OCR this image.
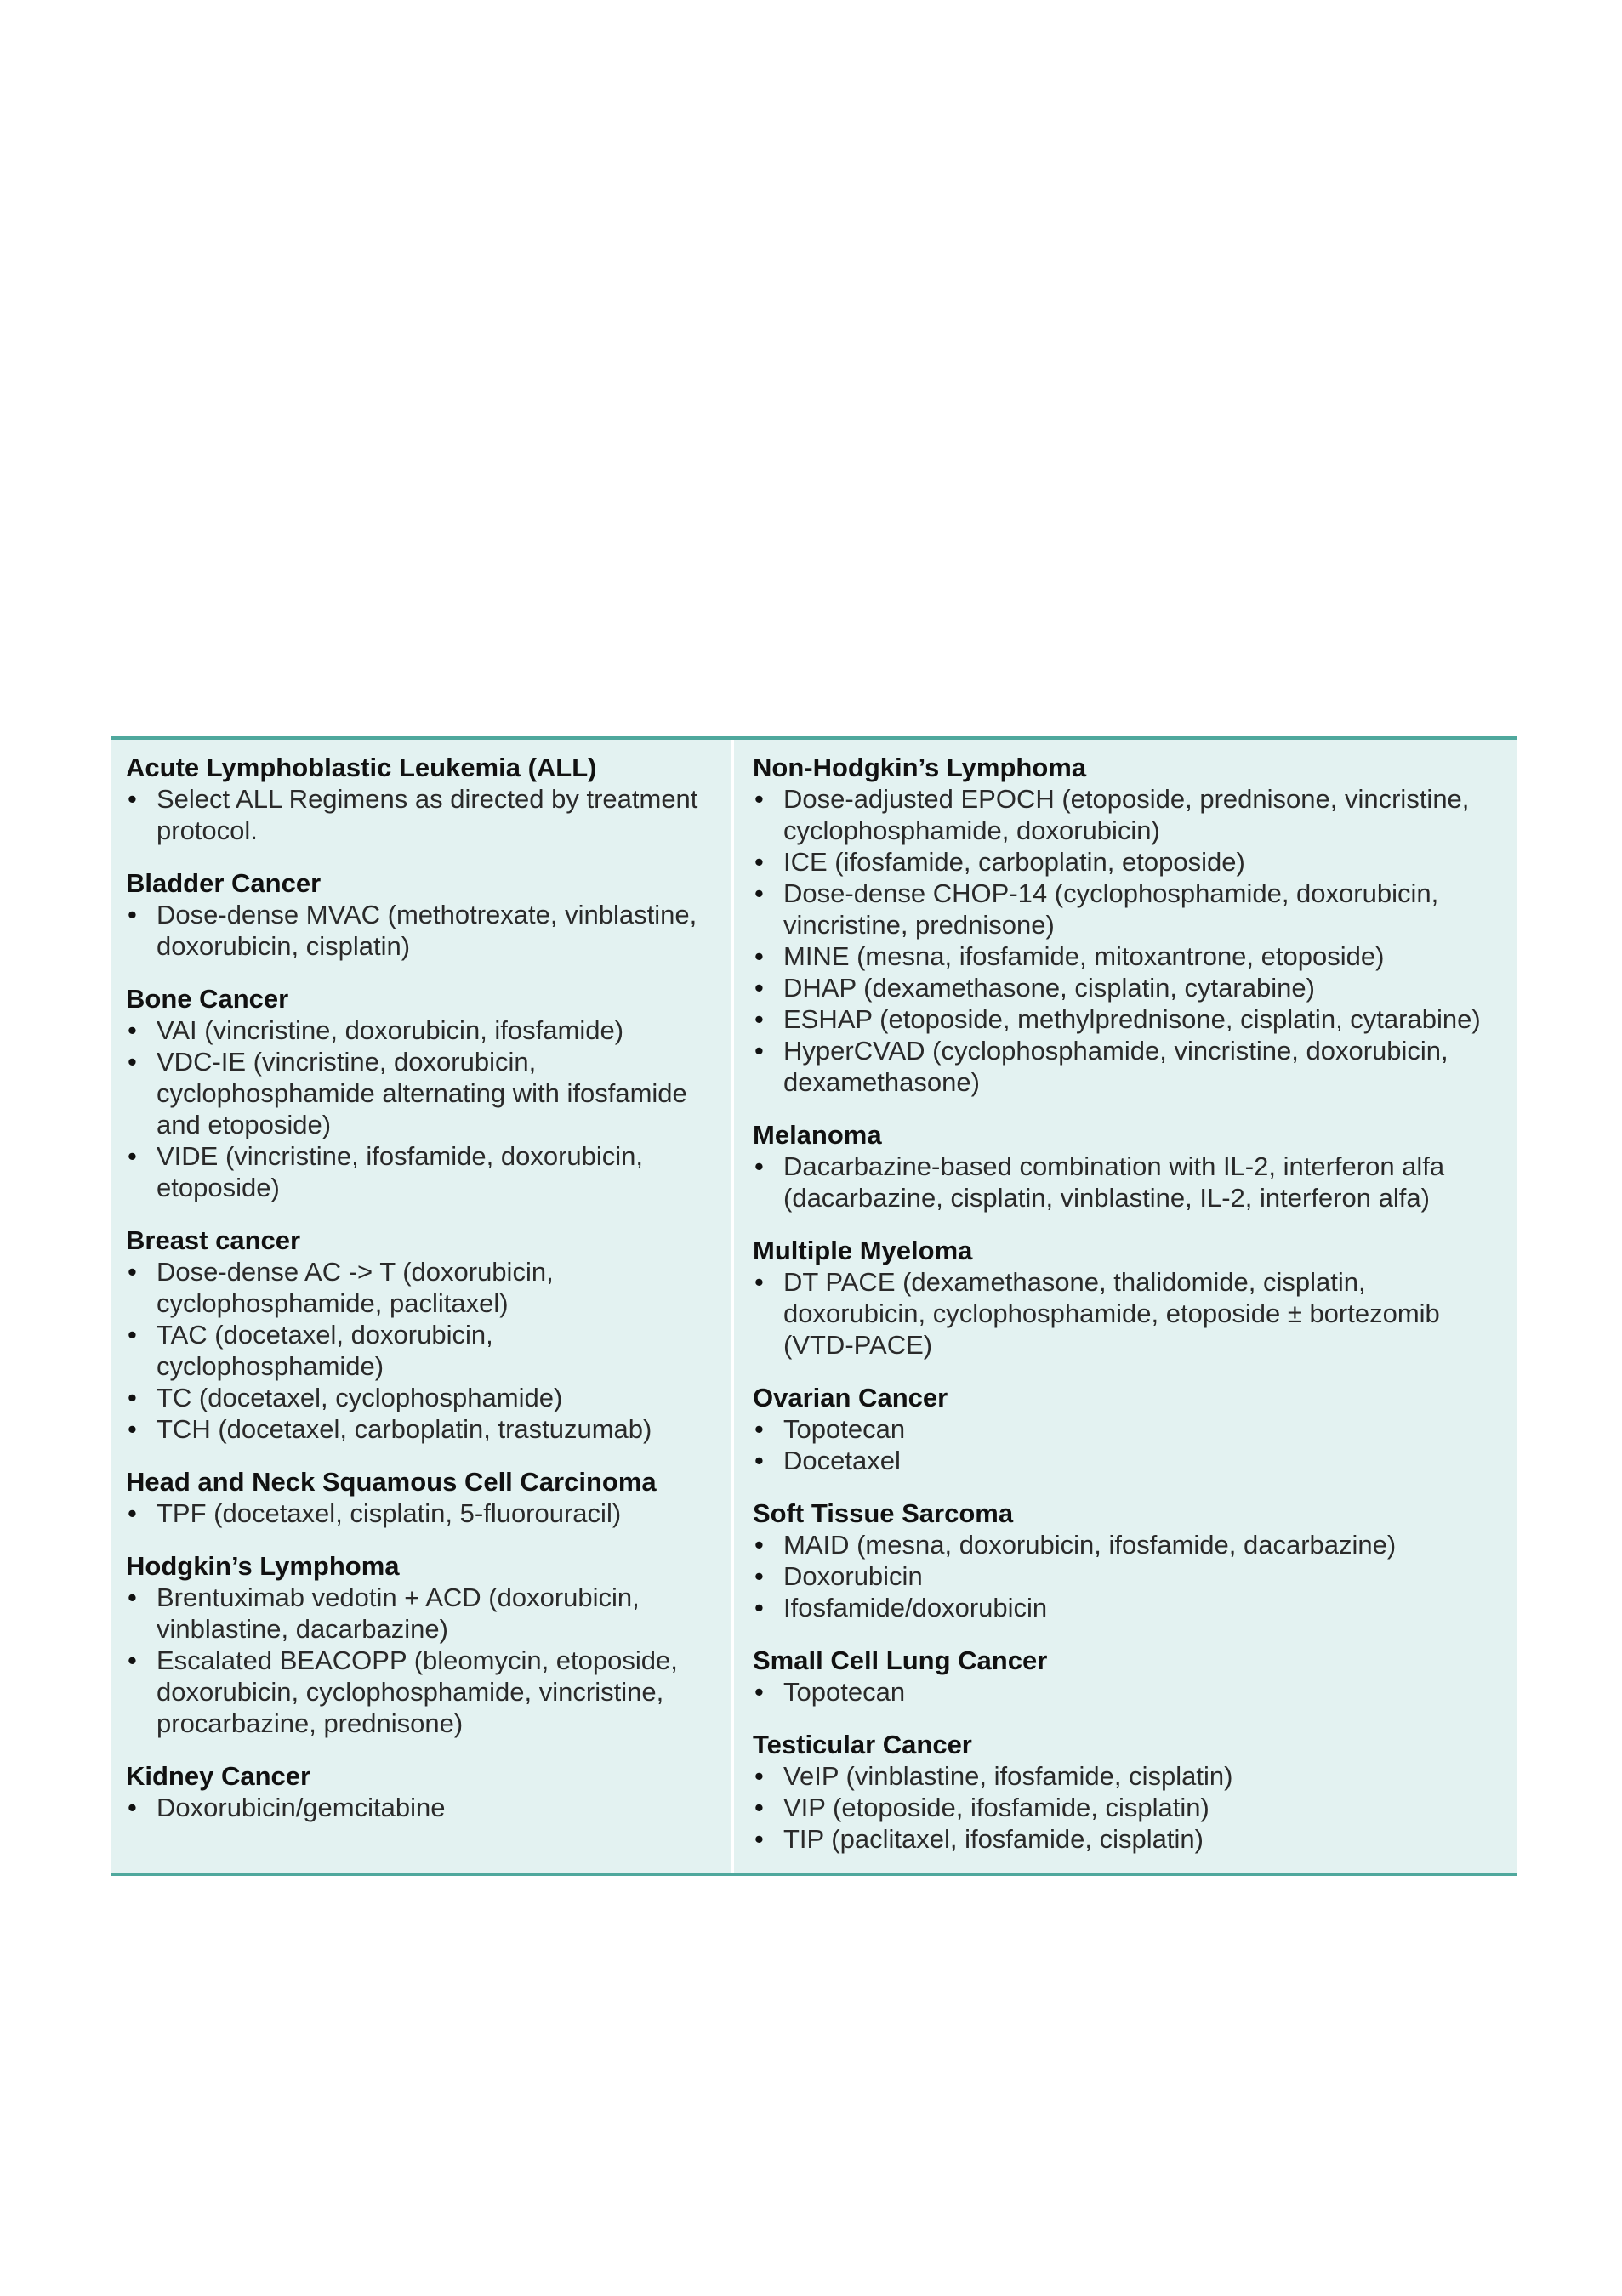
Acute Lymphoblastic Leukemia (ALL)
• Select ALL Regimens as directed by treatment protocol.
Bladder Cancer
• Dose-dense MVAC (methotrexate, vinblastine, doxorubicin, cisplatin)
Bone Cancer
• VAI (vincristine, doxorubicin, ifosfamide)
• VDC-IE (vincristine, doxorubicin, cyclophosphamide alternating with ifosfamide and etoposide)
• VIDE (vincristine, ifosfamide, doxorubicin, etoposide)
Breast cancer
• Dose-dense AC -> T (doxorubicin, cyclophosphamide, paclitaxel)
• TAC (docetaxel, doxorubicin, cyclophosphamide)
• TC (docetaxel, cyclophosphamide)
• TCH (docetaxel, carboplatin, trastuzumab)
Head and Neck Squamous Cell Carcinoma
• TPF (docetaxel, cisplatin, 5-fluorouracil)
Hodgkin’s Lymphoma
• Brentuximab vedotin + ACD (doxorubicin, vinblastine, dacarbazine)
• Escalated BEACOPP (bleomycin, etoposide, doxorubicin, cyclophosphamide, vincristine, procarbazine, prednisone)
Kidney Cancer
• Doxorubicin/gemcitabine
Non-Hodgkin’s Lymphoma
• Dose-adjusted EPOCH (etoposide, prednisone, vincristine, cyclophosphamide, doxorubicin)
• ICE (ifosfamide, carboplatin, etoposide)
• Dose-dense CHOP-14 (cyclophosphamide, doxorubicin, vincristine, prednisone)
• MINE (mesna, ifosfamide, mitoxantrone, etoposide)
• DHAP (dexamethasone, cisplatin, cytarabine)
• ESHAP (etoposide, methylprednisone, cisplatin, cytarabine)
• HyperCVAD (cyclophosphamide, vincristine, doxorubicin, dexamethasone)
Melanoma
• Dacarbazine-based combination with IL-2, interferon alfa (dacarbazine, cisplatin, vinblastine, IL-2, interferon alfa)
Multiple Myeloma
• DT PACE (dexamethasone, thalidomide, cisplatin, doxorubicin, cyclophosphamide, etoposide ± bortezomib (VTD-PACE)
Ovarian Cancer
• Topotecan
• Docetaxel
Soft Tissue Sarcoma
• MAID (mesna, doxorubicin, ifosfamide, dacarbazine)
• Doxorubicin
• Ifosfamide/doxorubicin
Small Cell Lung Cancer
• Topotecan
Testicular Cancer
• VeIP (vinblastine, ifosfamide, cisplatin)
• VIP (etoposide, ifosfamide, cisplatin)
• TIP (paclitaxel, ifosfamide, cisplatin)
